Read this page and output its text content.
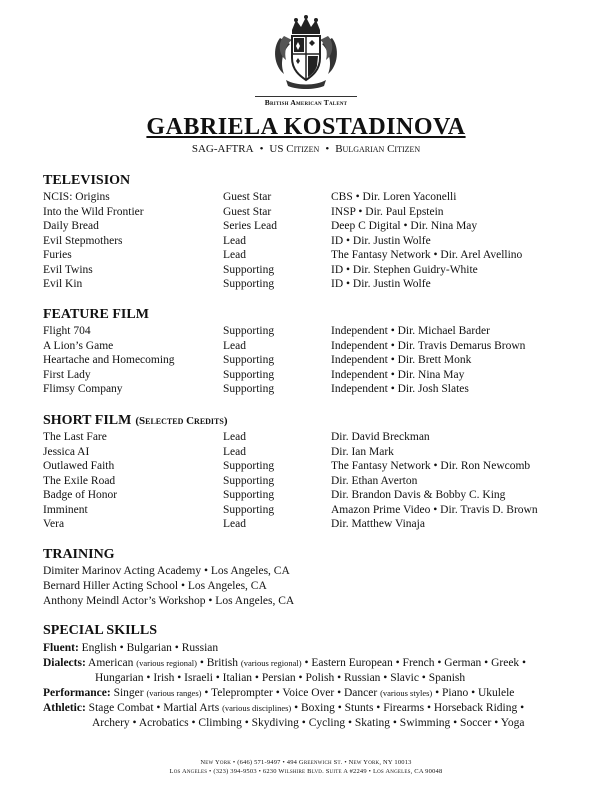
British American Talent
GABRIELA KOSTADINOVA
SAG-AFTRA • US Citizen • Bulgarian Citizen
TELEVISION
NCIS: Origins	Guest Star	CBS • Dir. Loren Yaconelli
Into the Wild Frontier	Guest Star	INSP • Dir. Paul Epstein
Daily Bread	Series Lead	Deep C Digital • Dir. Nina May
Evil Stepmothers	Lead	ID • Dir. Justin Wolfe
Furies	Lead	The Fantasy Network • Dir. Arel Avellino
Evil Twins	Supporting	ID • Dir. Stephen Guidry-White
Evil Kin	Supporting	ID • Dir. Justin Wolfe
FEATURE FILM
Flight 704	Supporting	Independent • Dir. Michael Barder
A Lion’s Game	Lead	Independent • Dir. Travis Demarus Brown
Heartache and Homecoming	Supporting	Independent • Dir. Brett Monk
First Lady	Supporting	Independent • Dir. Nina May
Flimsy Company	Supporting	Independent • Dir. Josh Slates
SHORT FILM (Selected Credits)
The Last Fare	Lead	Dir. David Breckman
Jessica AI	Lead	Dir. Ian Mark
Outlawed Faith	Supporting	The Fantasy Network • Dir. Ron Newcomb
The Exile Road	Supporting	Dir. Ethan Averton
Badge of Honor	Supporting	Dir. Brandon Davis & Bobby C. King
Imminent	Supporting	Amazon Prime Video • Dir. Travis D. Brown
Vera	Lead	Dir. Matthew Vinaja
TRAINING
Dimiter Marinov Acting Academy • Los Angeles, CA
Bernard Hiller Acting School • Los Angeles, CA
Anthony Meindl Actor’s Workshop • Los Angeles, CA
SPECIAL SKILLS
Fluent: English • Bulgarian • Russian
Dialects: American (various regional) • British (various regional) • Eastern European • French • German • Greek •
Hungarian • Irish • Israeli • Italian • Persian • Polish • Russian • Slavic • Spanish
Performance: Singer (various ranges) • Teleprompter • Voice Over • Dancer (various styles) • Piano • Ukulele
Athletic: Stage Combat • Martial Arts (various disciplines) • Boxing • Stunts • Firearms • Horseback Riding •
Archery • Acrobatics • Climbing • Skydiving • Cycling • Skating • Swimming • Soccer • Yoga
New York • (646) 571-9497 • 494 Greenwich St. • New York, NY 10013
Los Angeles • (323) 394-9503 • 6230 Wilshire Blvd. Suite A #2249 • Los Angeles, CA 90048
